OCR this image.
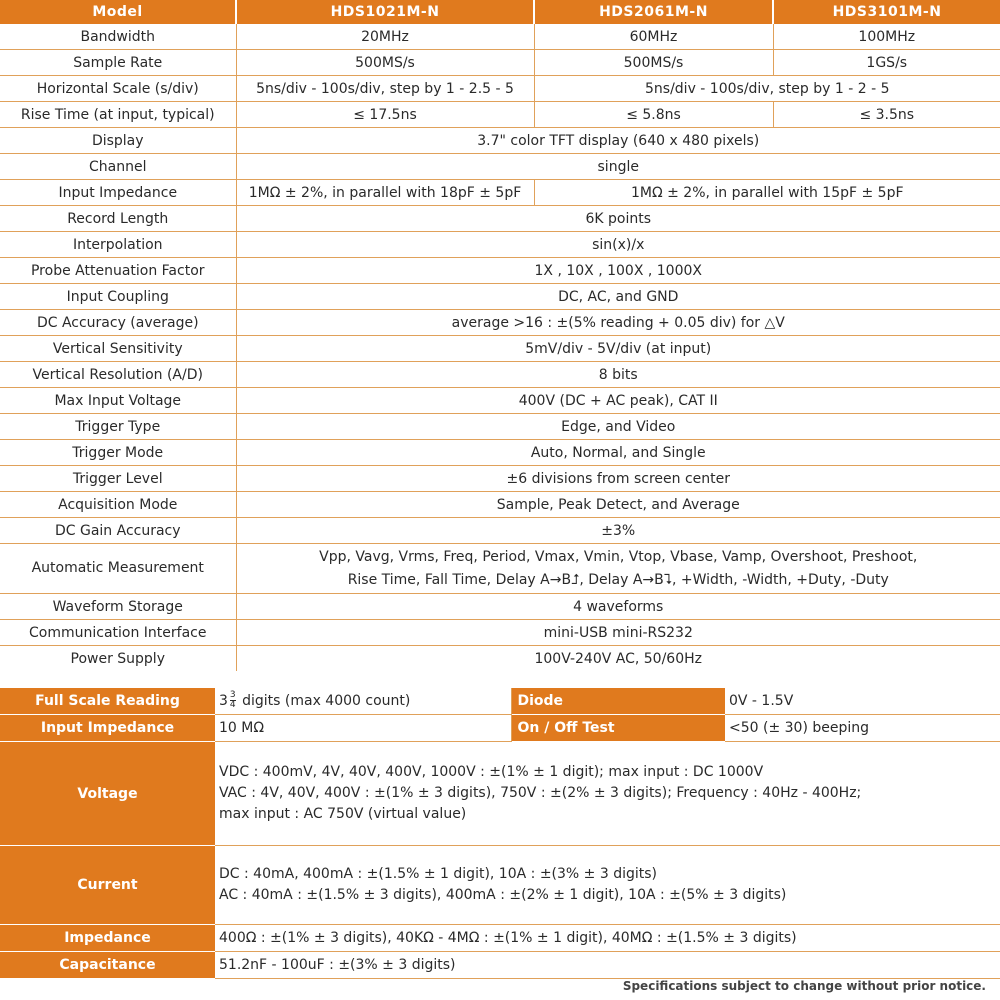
Model	HDS1021M-N	HDS2061M-N	HDS3101M-N
Bandwidth	20MHz	60MHz	100MHz
Sample Rate	500MS/s	500MS/s	1GS/s
Horizontal Scale (s/div)	5ns/div - 100s/div, step by 1 - 2.5 - 5	5ns/div - 100s/div, step by 1 - 2 - 5	
Rise Time (at input, typical)	≤ 17.5ns	≤ 5.8ns	≤ 3.5ns
Display	3.7" color TFT display (640 x 480 pixels)		
Channel	single		
Input Impedance	1MΩ ± 2%, in parallel with 18pF ± 5pF	1MΩ ± 2%, in parallel with 15pF ± 5pF	
Record Length	6K points		
Interpolation	sin(x)/x		
Probe Attenuation Factor	1X , 10X , 100X , 1000X		
Input Coupling	DC, AC, and GND		
DC Accuracy (average)	average >16 : ±(5% reading + 0.05 div) for △V		
Vertical Sensitivity	5mV/div - 5V/div (at input)		
Vertical Resolution (A/D)	8 bits		
Max Input Voltage	400V (DC + AC peak), CAT II		
Trigger Type	Edge, and Video		
Trigger Mode	Auto, Normal, and Single		
Trigger Level	±6 divisions from screen center		
Acquisition Mode	Sample, Peak Detect, and Average		
DC Gain Accuracy	±3%		
Automatic Measurement	Vpp, Vavg, Vrms, Freq, Period, Vmax, Vmin, Vtop, Vbase, Vamp, Overshoot, Preshoot,
Rise Time, Fall Time, Delay A→B⮥, Delay A→B⮧, +Width, -Width, +Duty, -Duty		

Waveform Storage	4 waveforms		
Communication Interface	mini-USB mini-RS232		
Power Supply	100V-240V AC, 50/60Hz		
Full Scale Reading	$3 \frac{3}{4}$ digits (max 4000 count)	Diode	0V - 1.5V
Input Impedance	10 MΩ	On / Off Test	<50 (± 30) beeping
Voltage	VDC : 400mV, 4V, 40V, 400V, 1000V : ±(1% ± 1 digit); max input : DC 1000V
VAC : 4V, 40V, 400V : ±(1% ± 3 digits), 750V : ±(2% ± 3 digits); Frequency : 40Hz - 400Hz;
max input : AC 750V (virtual value)		

Current	DC : 40mA, 400mA : ±(1.5% ± 1 digit), 10A : ±(3% ± 3 digits)
AC : 40mA : ±(1.5% ± 3 digits), 400mA : ±(2% ± 1 digit), 10A : ±(5% ± 3 digits)		

Impedance	400Ω : ±(1% ± 3 digits), 40KΩ - 4MΩ : ±(1% ± 1 digit), 40MΩ : ±(1.5% ± 3 digits)		
Capacitance	51.2nF - 100uF : ±(3% ± 3 digits)		
Specifications subject to change without prior notice.
